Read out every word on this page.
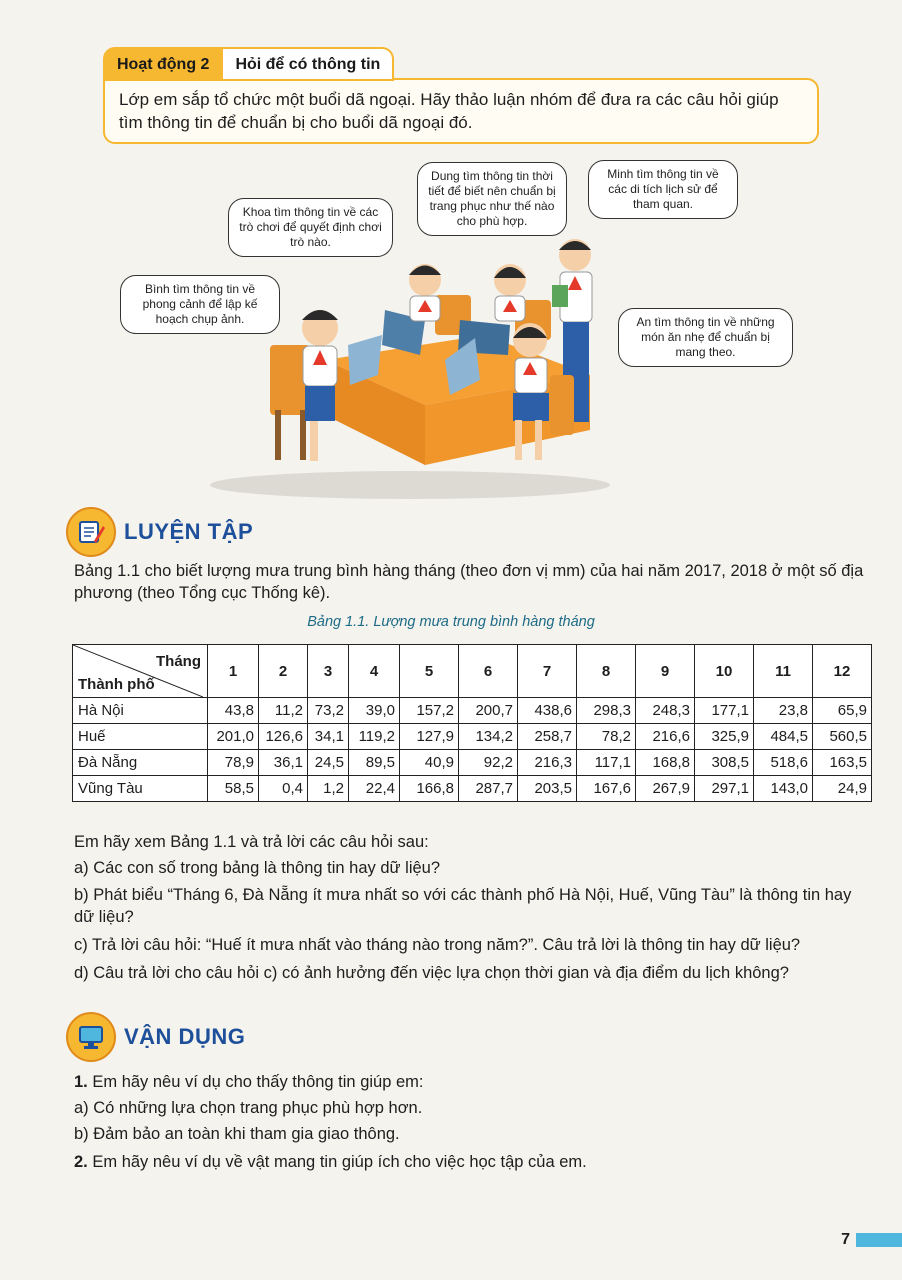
Hoạt động 2	Hỏi để có thông tin
Lớp em sắp tổ chức một buổi dã ngoại. Hãy thảo luận nhóm để đưa ra các câu hỏi giúp tìm thông tin để chuẩn bị cho buổi dã ngoại đó.
Bình tìm thông tin về phong cảnh để lập kế hoạch chụp ảnh.
Khoa tìm thông tin về các trò chơi để quyết định chơi trò nào.
Dung tìm thông tin thời tiết để biết nên chuẩn bị trang phục như thế nào cho phù hợp.
Minh tìm thông tin về các di tích lịch sử để tham quan.
An tìm thông tin về những món ăn nhẹ để chuẩn bị mang theo.
LUYỆN TẬP
Bảng 1.1 cho biết lượng mưa trung bình hàng tháng (theo đơn vị mm) của hai năm 2017, 2018 ở một số địa phương (theo Tổng cục Thống kê).
Bảng 1.1. Lượng mưa trung bình hàng tháng
Tháng
Thành phố	1	2	3	4	5	6	7	8	9	10	11	12
Hà Nội	43,8	11,2	73,2	39,0	157,2	200,7	438,6	298,3	248,3	177,1	23,8	65,9
Huế	201,0	126,6	34,1	119,2	127,9	134,2	258,7	78,2	216,6	325,9	484,5	560,5
Đà Nẵng	78,9	36,1	24,5	89,5	40,9	92,2	216,3	117,1	168,8	308,5	518,6	163,5
Vũng Tàu	58,5	0,4	1,2	22,4	166,8	287,7	203,5	167,6	267,9	297,1	143,0	24,9
Em hãy xem Bảng 1.1 và trả lời các câu hỏi sau:
a) Các con số trong bảng là thông tin hay dữ liệu?
b) Phát biểu “Tháng 6, Đà Nẵng ít mưa nhất so với các thành phố Hà Nội, Huế, Vũng Tàu” là thông tin hay dữ liệu?
c) Trả lời câu hỏi: “Huế ít mưa nhất vào tháng nào trong năm?”. Câu trả lời là thông tin hay dữ liệu?
d) Câu trả lời cho câu hỏi c) có ảnh hưởng đến việc lựa chọn thời gian và địa điểm du lịch không?
VẬN DỤNG
1. Em hãy nêu ví dụ cho thấy thông tin giúp em:
a) Có những lựa chọn trang phục phù hợp hơn.
b) Đảm bảo an toàn khi tham gia giao thông.
2. Em hãy nêu ví dụ về vật mang tin giúp ích cho việc học tập của em.
7
